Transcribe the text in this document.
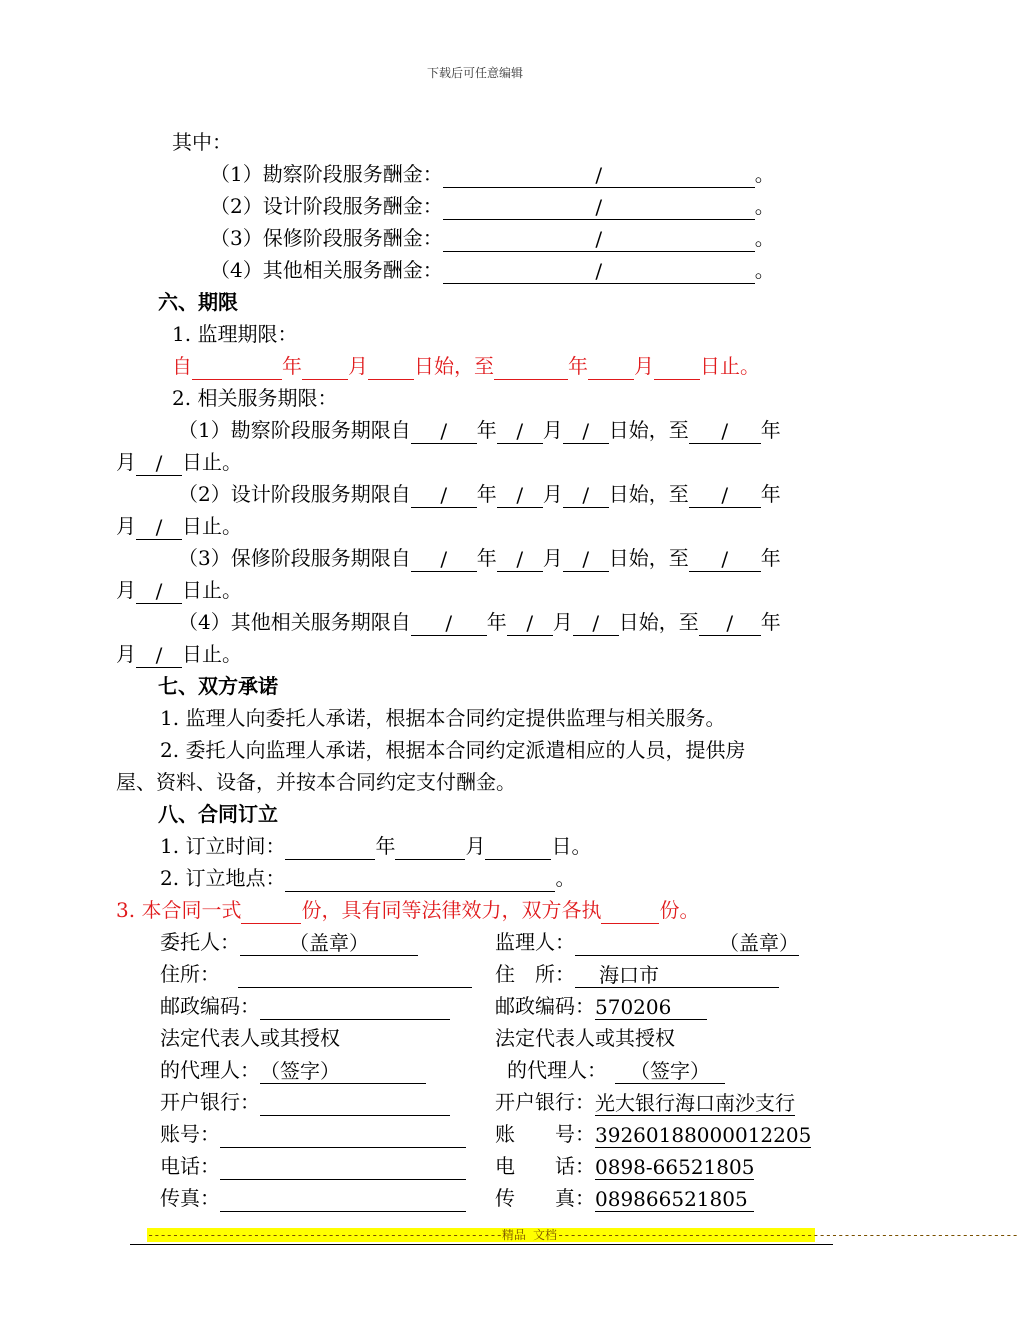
下载后可任意编辑
其中：
（1）勘察阶段服务酬金：	/	。
（2）设计阶段服务酬金：	/	。
（3）保修阶段服务酬金：	/	。
（4）其他相关服务酬金：	/	。
六、期限
1. 监理期限：
自	年 月 日始，至	年 月 日止。
2. 相关服务期限：
（1）勘察阶段服务期限自 / 年 / 月 / 日始，至 / 年
月 / 日止。
（2）设计阶段服务期限自 / 年 / 月 / 日始，至 / 年
月 / 日止。
（3）保修阶段服务期限自 / 年 / 月 / 日始，至 / 年
月 / 日止。
（4）其他相关服务期限自 / 年 / 月 / 日始，至 / 年
月 / 日止。
七、双方承诺
1. 监理人向委托人承诺，根据本合同约定提供监理与相关服务。
2. 委托人向监理人承诺，根据本合同约定派遣相应的人员，提供房
屋、资料、设备，并按本合同约定支付酬金。
八、合同订立
1. 订立时间：	年	月	日。
2. 订立地点：	。
3. 本合同一式	份，具有同等法律效力，双方各执	份。
委托人： （盖章）
住所：
邮政编码：
法定代表人或其授权
的代理人：（签字）
开户银行：
账号：
电话：
传真：
监理人：	（盖章）
住　所： 海口市
邮政编码：570206
法定代表人或其授权
的代理人： （签字）
开户银行：光大银行海口南沙支行
账　　号：39260188000012205
电　　话：0898-66521805
传　　真：089866521805
---------------------------------------------------------精品 文档--------------------------------------------------------------------------
